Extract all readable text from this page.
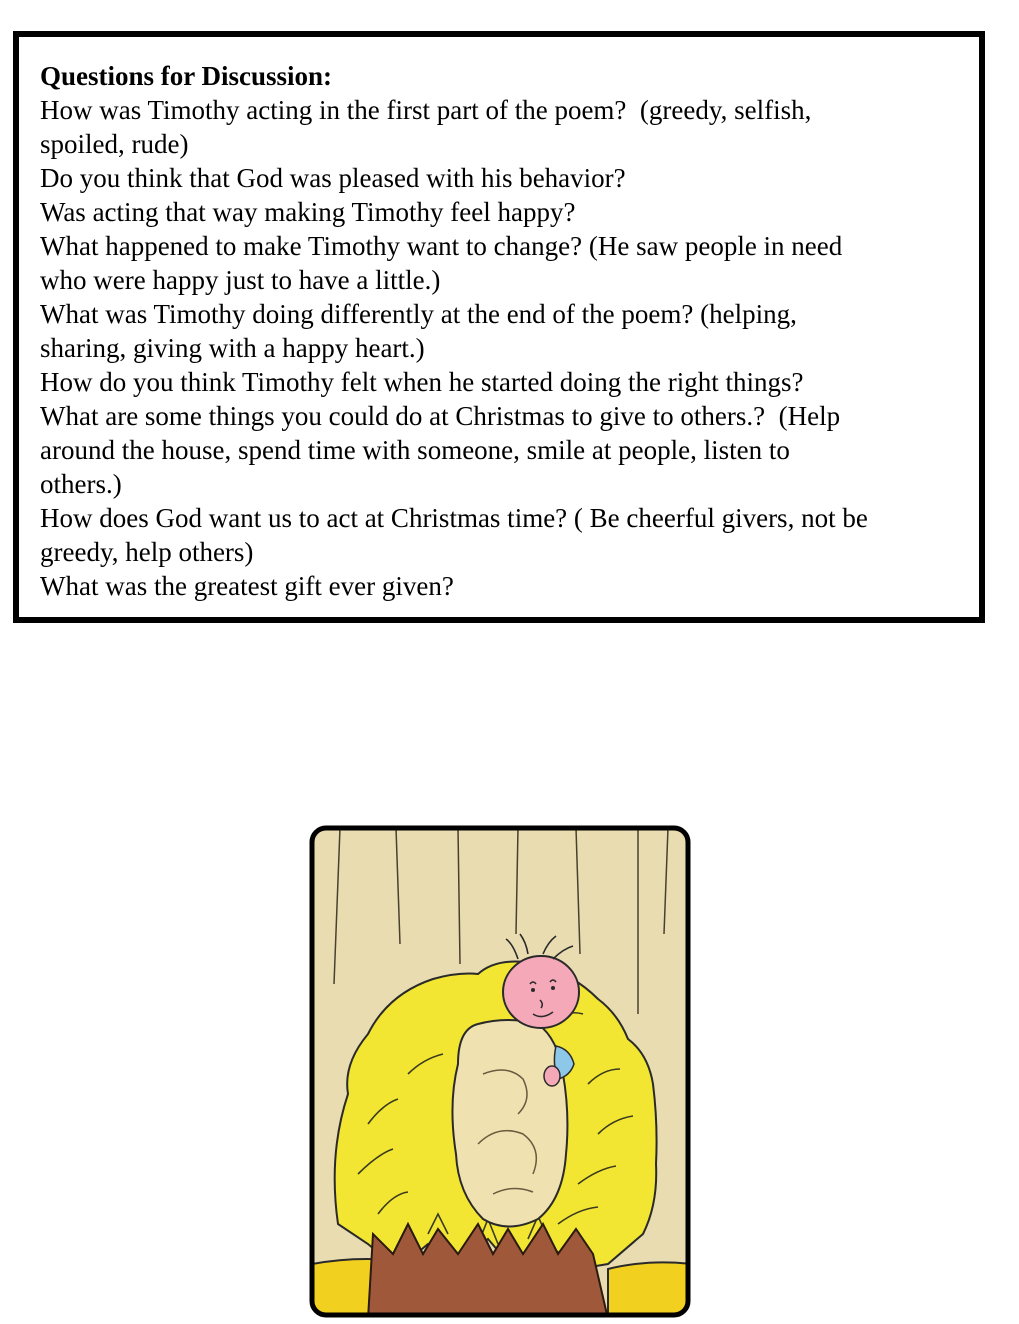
Questions for Discussion:

How was Timothy acting in the first part of the poem?  (greedy, selfish,

spoiled, rude)

Do you think that God was pleased with his behavior?

Was acting that way making Timothy feel happy?

What happened to make Timothy want to change? (He saw people in need

who were happy just to have a little.)

What was Timothy doing differently at the end of the poem? (helping,

sharing, giving with a happy heart.)

How do you think Timothy felt when he started doing the right things?

What are some things you could do at Christmas to give to others.?  (Help

around the house, spend time with someone, smile at people, listen to

others.)

How does God want us to act at Christmas time? ( Be cheerful givers, not be

greedy, help others)

What was the greatest gift ever given?
